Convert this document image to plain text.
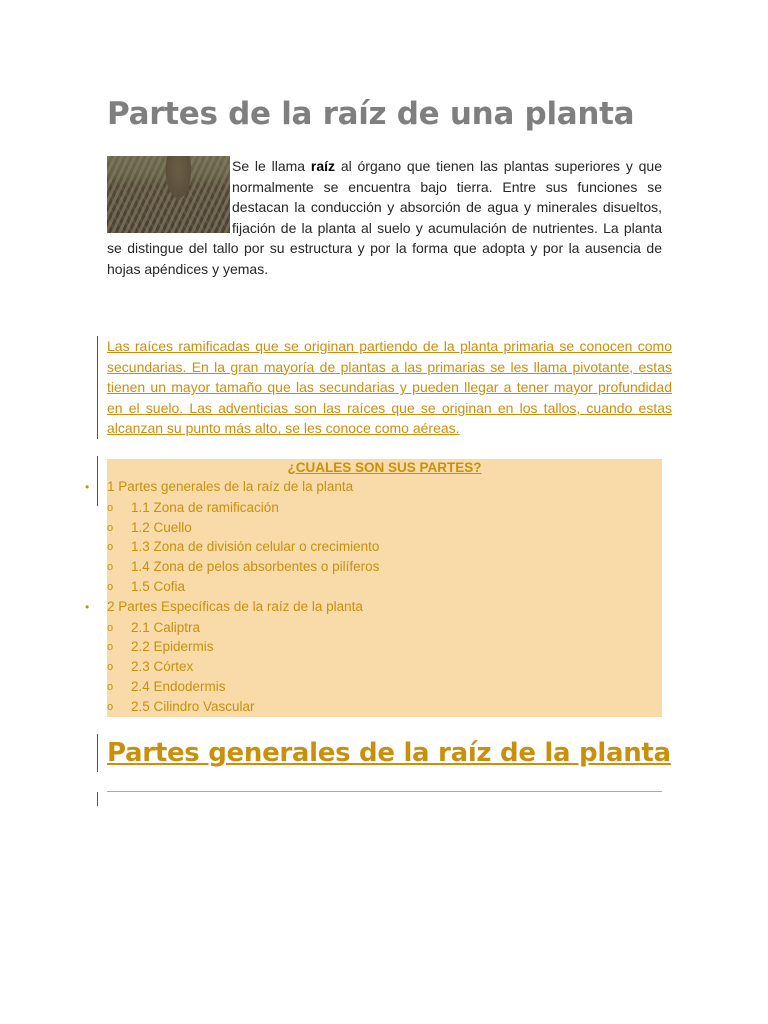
Partes de la raíz de una planta

Se le llama raíz al órgano que tienen las plantas superiores y que normalmente se encuentra bajo tierra. Entre sus funciones se destacan la conducción y absorción de agua y minerales disueltos, fijación de la planta al suelo y acumulación de nutrientes. La planta se distingue del tallo por su estructura y por la forma que adopta y por la ausencia de hojas apéndices y yemas.

Las raíces ramificadas que se originan partiendo de la planta primaria se conocen como secundarias. En la gran mayoría de plantas a las primarias se les llama pivotante, estas tienen un mayor tamaño que las secundarias y pueden llegar a tener mayor profundidad en el suelo. Las adventicias son las raíces que se originan en los tallos, cuando estas alcanzan su punto más alto, se les conoce como aéreas.

¿CUALES SON SUS PARTES?
• 1 Partes generales de la raíz de la planta
o 1.1 Zona de ramificación
o 1.2 Cuello
o 1.3 Zona de división celular o crecimiento
o 1.4 Zona de pelos absorbentes o pilíferos
o 1.5 Cofia
• 2 Partes Específicas de la raíz de la planta
o 2.1 Caliptra
o 2.2 Epidermis
o 2.3 Córtex
o 2.4 Endodermis
o 2.5 Cilindro Vascular
Partes generales de la raíz de la planta
